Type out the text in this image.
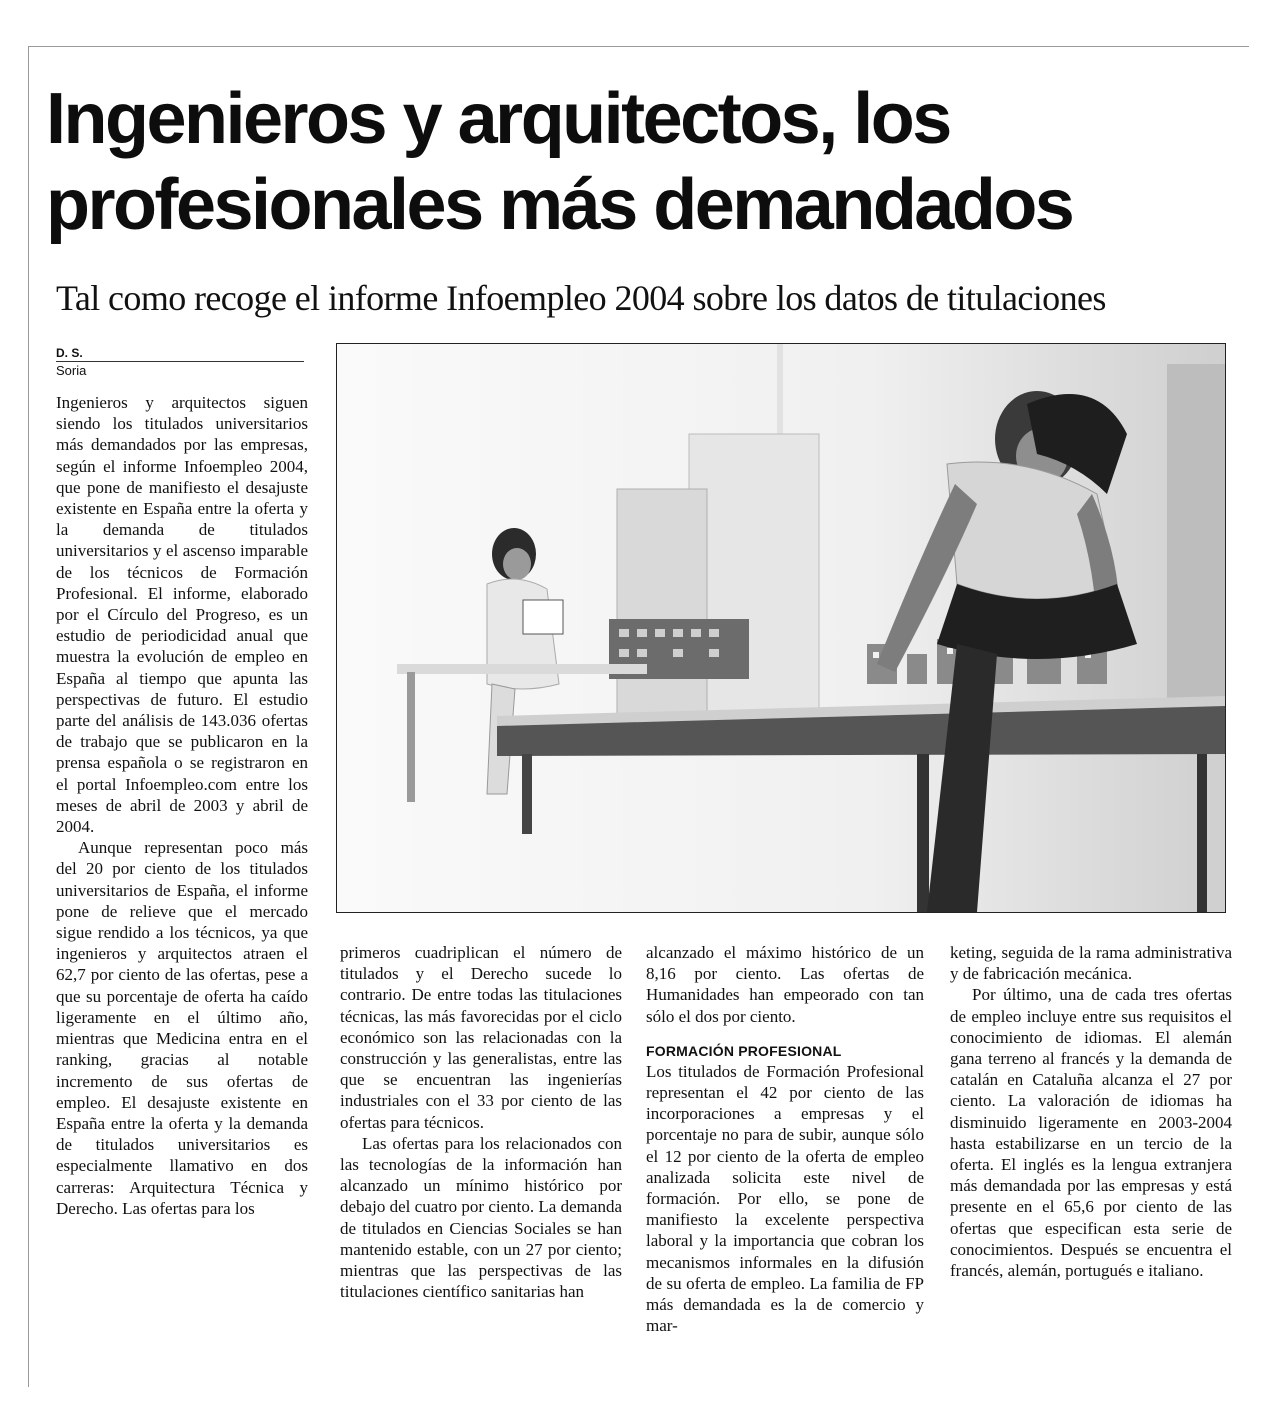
Ingenieros y arquitectos, los profesionales más demandados
Tal como recoge el informe Infoempleo 2004 sobre los datos de titulaciones
D. S.
Soria

Ingenieros y arquitectos siguen siendo los titulados universitarios más demandados por las empresas, según el informe Infoempleo 2004, que pone de manifiesto el desajuste existente en España entre la oferta y la demanda de titulados universitarios y el ascenso imparable de los técnicos de Formación Profesional. El informe, elaborado por el Círculo del Progreso, es un estudio de periodicidad anual que muestra la evolución de empleo en España al tiempo que apunta las perspectivas de futuro. El estudio parte del análisis de 143.036 ofertas de trabajo que se publicaron en la prensa española o se registraron en el portal Infoempleo.com entre los meses de abril de 2003 y abril de 2004.

Aunque representan poco más del 20 por ciento de los titulados universitarios de España, el informe pone de relieve que el mercado sigue rendido a los técnicos, ya que ingenieros y arquitectos atraen el 62,7 por ciento de las ofertas, pese a que su porcentaje de oferta ha caído ligeramente en el último año, mientras que Medicina entra en el ranking, gracias al notable incremento de sus ofertas de empleo. El desajuste existente en España entre la oferta y la demanda de titulados universitarios es especialmente llamativo en dos carreras: Arquitectura Técnica y Derecho. Las ofertas para los

primeros cuadriplican el número de titulados y el Derecho sucede lo contrario. De entre todas las titulaciones técnicas, las más favorecidas por el ciclo económico son las relacionadas con la construcción y las generalistas, entre las que se encuentran las ingenierías industriales con el 33 por ciento de las ofertas para técnicos.

Las ofertas para los relacionados con las tecnologías de la información han alcanzado un mínimo histórico por debajo del cuatro por ciento. La demanda de titulados en Ciencias Sociales se han mantenido estable, con un 27 por ciento; mientras que las perspectivas de las titulaciones científico sanitarias han

alcanzado el máximo histórico de un 8,16 por ciento. Las ofertas de Humanidades han empeorado con tan sólo el dos por ciento.

FORMACIÓN PROFESIONAL

Los titulados de Formación Profesional representan el 42 por ciento de las incorporaciones a empresas y el porcentaje no para de subir, aunque sólo el 12 por ciento de la oferta de empleo analizada solicita este nivel de formación. Por ello, se pone de manifiesto la excelente perspectiva laboral y la importancia que cobran los mecanismos informales en la difusión de su oferta de empleo. La familia de FP más demandada es la de comercio y mar-

keting, seguida de la rama administrativa y de fabricación mecánica.

Por último, una de cada tres ofertas de empleo incluye entre sus requisitos el conocimiento de idiomas. El alemán gana terreno al francés y la demanda de catalán en Cataluña alcanza el 27 por ciento. La valoración de idiomas ha disminuido ligeramente en 2003-2004 hasta estabilizarse en un tercio de la oferta. El inglés es la lengua extranjera más demandada por las empresas y está presente en el 65,6 por ciento de las ofertas que especifican esta serie de conocimientos. Después se encuentra el francés, alemán, portugués e italiano.
